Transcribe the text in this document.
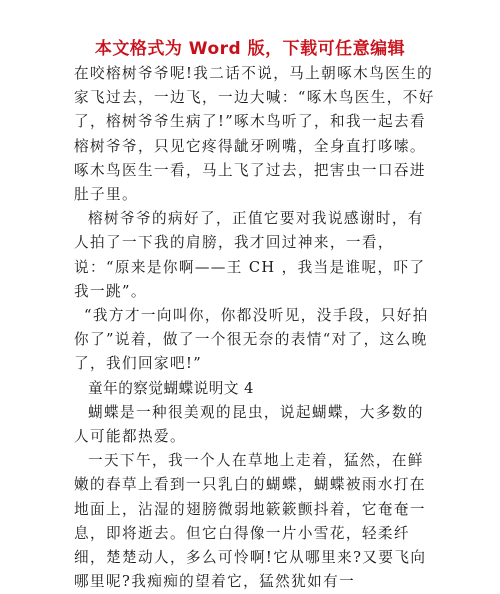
本文格式为 Word 版，下载可任意编辑

在咬榕树爷爷呢!我二话不说，马上朝啄木鸟医生的家飞过去，一边飞，一边大喊：“啄木鸟医生，不好了，榕树爷爷生病了!”啄木鸟听了，和我一起去看榕树爷爷，只见它疼得龇牙咧嘴，全身直打哆嗦。啄木鸟医生一看，马上飞了过去，把害虫一口吞进肚子里。

榕树爷爷的病好了，正值它要对我说感谢时，有人拍了一下我的肩膀，我才回过神来，一看，说：“原来是你啊——王 CH ，我当是谁呢，吓了我一跳”。

“我方才一向叫你，你都没听见，没手段，只好拍你了”说着，做了一个很无奈的表情“对了，这么晚了，我们回家吧!”

童年的察觉蝴蝶说明文 4

蝴蝶是一种很美观的昆虫，说起蝴蝶，大多数的人可能都热爱。

一天下午，我一个人在草地上走着，猛然，在鲜嫩的春草上看到一只乳白的蝴蝶，蝴蝶被雨水打在地面上，沾湿的翅膀微弱地簌簌颤抖着，它奄奄一息，即将逝去。但它白得像一片小雪花，轻柔纤细，楚楚动人，多么可怜啊!它从哪里来?又要飞向哪里呢?我痴痴的望着它，猛然犹如有一
